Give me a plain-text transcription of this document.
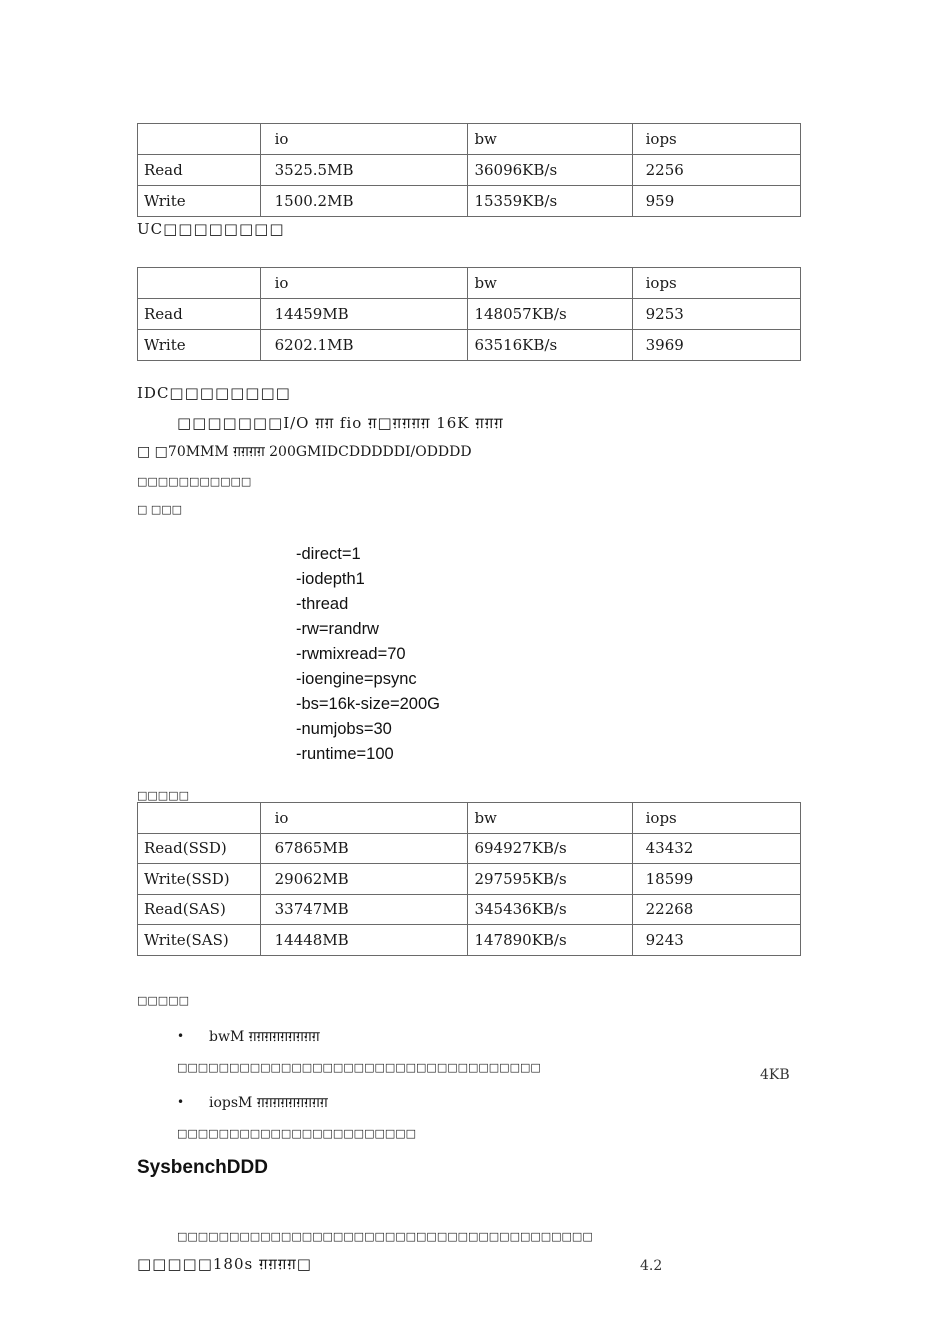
	io	bw	iops
Read	3525.5MB	36096KB/s	2256
Write	1500.2MB	15359KB/s	959
UC□□□□□□□□
	io	bw	iops
Read	14459MB	148057KB/s	9253
Write	6202.1MB	63516KB/s	3969
IDC□□□□□□□□
□□□□□□□I/O ग़ग़ fio ग़□ग़ग़ग़ग़ 16K ग़ग़ग़
□ □70MMM ग़ग़ग़ग़ 200GMIDCDDDDDI/ODDDD
□□□□□□□□□□□
□ □□□
-direct=1
-iodepth1
-thread
-rw=randrw
-rwmixread=70
-ioengine=psync
-bs=16k-size=200G
-numjobs=30
-runtime=100
□□□□□
	io	bw	iops
Read(SSD)	67865MB	694927KB/s	43432
Write(SSD)	29062MB	297595KB/s	18599
Read(SAS)	33747MB	345436KB/s	22268
Write(SAS)	14448MB	147890KB/s	9243
□□□□□
• bwM ग़ग़ग़ग़ग़ग़ग़ग़ग़
□□□□□□□□□□□□□□□□□□□□□□□□□□□□□□□□□□□	4KB
• iopsM ग़ग़ग़ग़ग़ग़ग़ग़ग़
□□□□□□□□□□□□□□□□□□□□□□□
SysbenchDDD
□□□□□□□□□□□□□□□□□□□□□□□□□□□□□□□□□□□□□□□□
□□□□□180s ग़ग़ग़ग़□	4.2
